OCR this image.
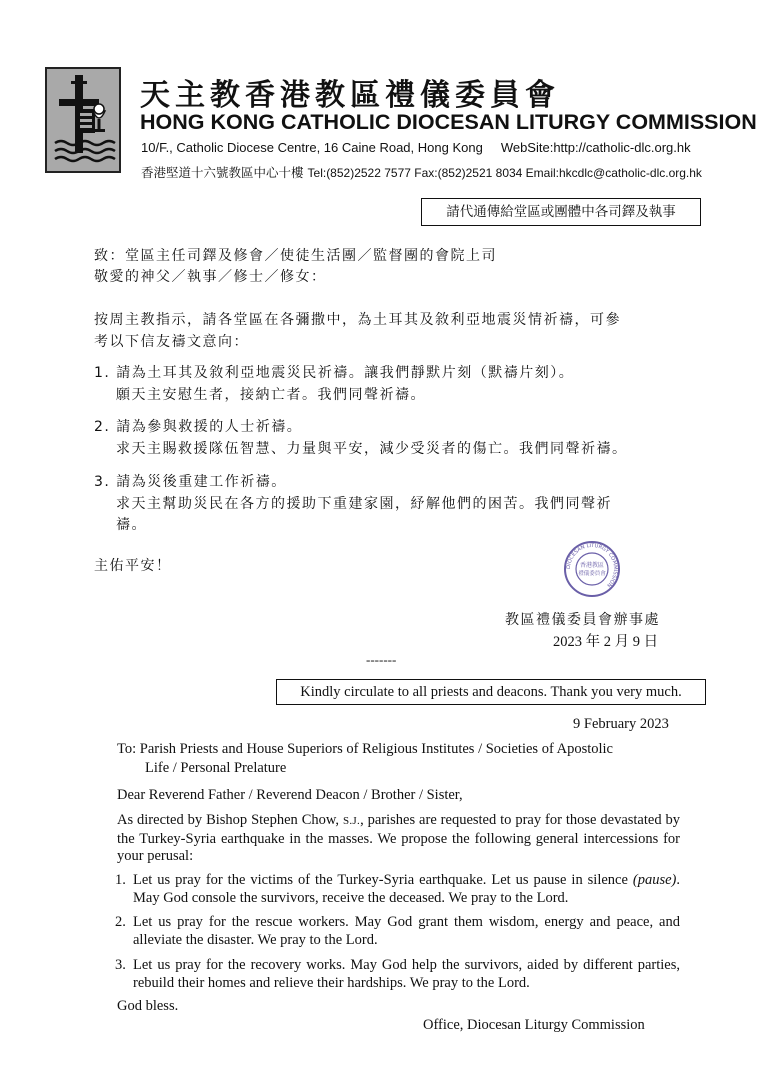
天主教香港教區禮儀委員會
HONG KONG CATHOLIC DIOCESAN LITURGY COMMISSION
10/F., Catholic Diocese Centre, 16 Caine Road, Hong Kong WebSite:http://catholic-dlc.org.hk
香港堅道十六號教區中心十樓 Tel:(852)2522 7577 Fax:(852)2521 8034 Email:hkcdlc@catholic-dlc.org.hk
請代通傳給堂區或團體中各司鐸及執事
致：堂區主任司鐸及修會／使徒生活團／監督團的會院上司
敬愛的神父／執事／修士／修女：
按周主教指示，請各堂區在各彌撒中，為土耳其及敘利亞地震災情祈禱，可參
考以下信友禱文意向：
1. 請為土耳其及敘利亞地震災民祈禱。讓我們靜默片刻（默禱片刻）。
願天主安慰生者，接納亡者。我們同聲祈禱。
2. 請為參與救援的人士祈禱。
求天主賜救援隊伍智慧、力量與平安，減少受災者的傷亡。我們同聲祈禱。
3. 請為災後重建工作祈禱。
求天主幫助災民在各方的援助下重建家園，紓解他們的困苦。我們同聲祈
禱。
主佑平安！	DIOCESAN LITURGY COMMISSION
香港教區
禮儀委員會
教區禮儀委員會辦事處
2023 年 2 月 9 日
-------
Kindly circulate to all priests and deacons. Thank you very much.
9 February 2023
To: Parish Priests and House Superiors of Religious Institutes / Societies of Apostolic
Life / Personal Prelature
Dear Reverend Father / Reverend Deacon / Brother / Sister,
As directed by Bishop Stephen Chow, S.J., parishes are requested to pray for those devastated by the Turkey-Syria earthquake in the masses. We propose the following general intercessions for your perusal:
1. Let us pray for the victims of the Turkey-Syria earthquake. Let us pause in silence (pause). May God console the survivors, receive the deceased. We pray to the Lord.
2. Let us pray for the rescue workers. May God grant them wisdom, energy and peace, and alleviate the disaster. We pray to the Lord.
3. Let us pray for the recovery works. May God help the survivors, aided by different parties, rebuild their homes and relieve their hardships. We pray to the Lord.
God bless.
Office, Diocesan Liturgy Commission
